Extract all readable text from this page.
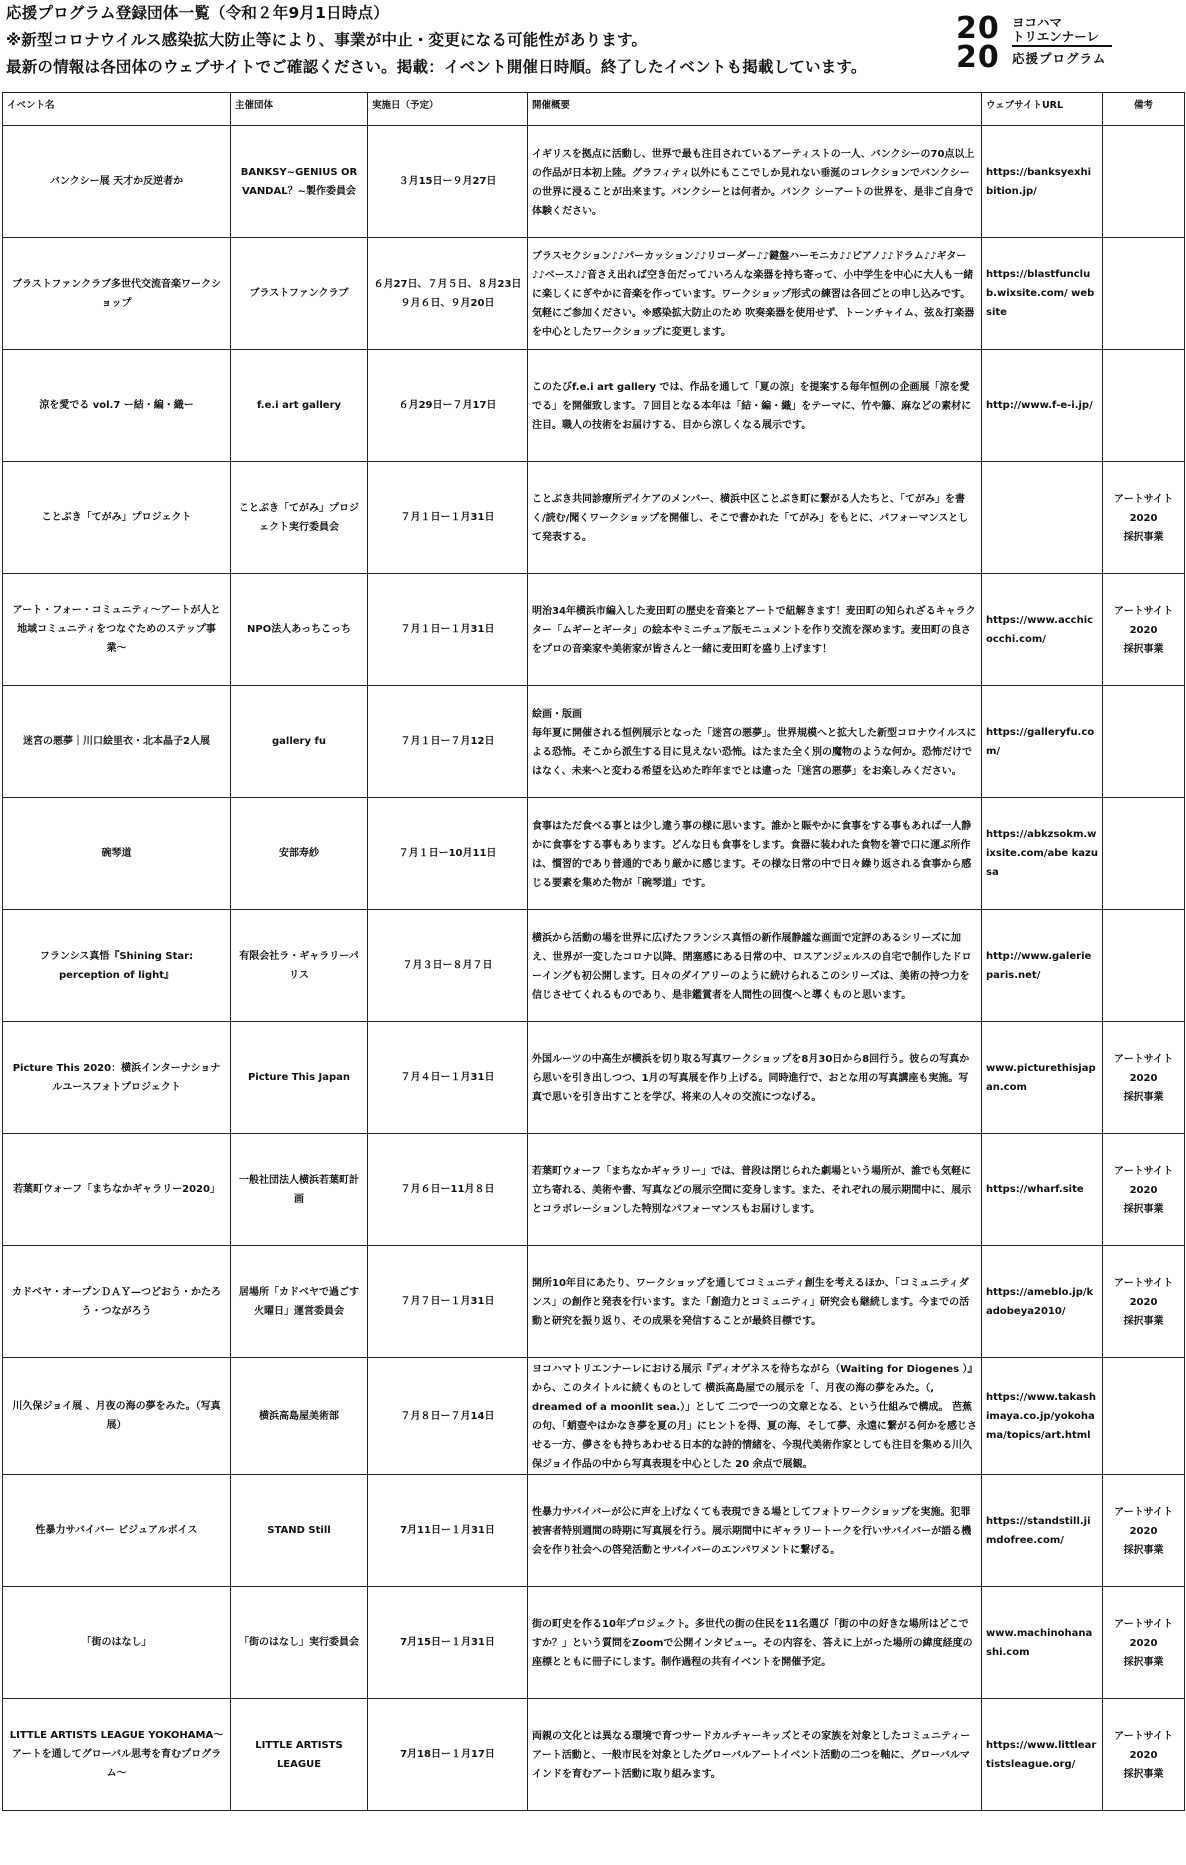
応援プログラム登録団体一覧（令和２年9月1日時点）
※新型コロナウイルス感染拡大防止等により、事業が中止・変更になる可能性があります。
最新の情報は各団体のウェブサイトでご確認ください。掲載：イベント開催日時順。終了したイベントも掲載しています。
20
20
ヨコハマ
トリエンナーレ
応援プログラム
イベント名	主催団体	実施日（予定）	開催概要	ウェブサイトURL	備考
バンクシー展 天才か反逆者か	BANKSY~GENIUS OR VANDAL？~製作委員会	３月15日ー９月27日	イギリスを拠点に活動し、世界で最も注目されているアーティストの一人、バンクシーの70点以上の作品が日本初上陸。グラフィティ以外にもここでしか見れない垂涎のコレクションでバンクシーの世界に浸ることが出来ます。バンクシーとは何者か。バンク シーアートの世界を、是非ご自身で体験ください。	https://banksyexhibition.jp/	
ブラストファンクラブ多世代交流音楽ワークショップ	ブラストファンクラブ	６月27日、７月５日、８月23日 ９月６日、９月20日	ブラスセクション♪♪パーカッション♪♪リコーダー♪♪鍵盤ハーモニカ♪♪ピアノ♪♪ドラム♪♪ギター♪♪ベース♪♪音さえ出れば空き缶だって♪いろんな楽器を持ち寄って、小中学生を中心に大人も一緒に楽しくにぎやかに音楽を作っています。ワークショップ形式の練習は各回ごとの申し込みです。気軽にご参加ください。※感染拡大防止のため 吹奏楽器を使用せず、トーンチャイム、弦＆打楽器を中心としたワークショップに変更します。	https://blastfunclub.wixsite.com/ website	
涼を愛でる vol.7 ー結・編・織ー	f.e.i art gallery	６月29日ー７月17日	このたびf.e.i art gallery では、作品を通して「夏の涼」を提案する毎年恒例の企画展「涼を愛でる」を開催致します。７回目となる本年は「結・編・織」をテーマに、竹や籐、麻などの素材に注目。職人の技術をお届けする、目から涼しくなる展示です。	http://www.f-e-i.jp/	
ことぶき「てがみ」プロジェクト	ことぶき「てがみ」プロジェクト実行委員会	７月１日ー１月31日	ことぶき共同診療所デイケアのメンバー、横浜中区ことぶき町に繋がる人たちと、「てがみ」を書く/読む/聞くワークショップを開催し、そこで書かれた「てがみ」をもとに、パフォーマンスとして発表する。		アートサイト
2020
採択事業
アート・フォー・コミュニティ〜アートが人と地域コミュニティをつなぐためのステップ事業〜	NPO法人あっちこっち	７月１日ー１月31日	明治34年横浜市編入した麦田町の歴史を音楽とアートで紐解きます！麦田町の知られざるキャラクター「ムギーとギータ」の絵本やミニチュア版モニュメントを作り交流を深めます。麦田町の良さをプロの音楽家や美術家が皆さんと一緒に麦田町を盛り上げます！	https://www.acchicocchi.com/	アートサイト
2020
採択事業
迷宮の悪夢｜川口絵里衣・北本晶子2人展	gallery fu	７月１日ー７月12日	絵画・版画
毎年夏に開催される恒例展示となった「迷宮の悪夢」。世界規模へと拡大した新型コロナウイルスによる恐怖。そこから派生する目に見えない恐怖。はたまた全く別の魔物のような何か。恐怖だけではなく、未来へと変わる希望を込めた昨年までとは違った「迷宮の悪夢」をお楽しみください。	https://galleryfu.com/	
碗琴道	安部寿紗	７月１日ー10月11日	食事はただ食べる事とは少し違う事の様に思います。誰かと賑やかに食事をする事もあれば一人静かに食事をする事もあります。どんな日も食事をします。食器に装われた食物を箸で口に運ぶ所作は、慣習的であり普通的であり厳かに感じます。その様な日常の中で日々繰り返される食事から感じる要素を集めた物が「碗琴道」です。	https://abkzsokm.wixsite.com/abe kazusa	
フランシス真悟『Shining Star: perception of light』	有限会社ラ・ギャラリーパリス	７月３日ー８月７日	横浜から活動の場を世界に広げたフランシス真悟の新作展静謐な画面で定評のあるシリーズに加え、世界が一変したコロナ以降、閉塞感にある日常の中、ロスアンジェルスの自宅で制作したドローイングも初公開します。日々のダイアリーのように続けられるこのシリーズは、美術の持つ力を信じさせてくれるものであり、是非鑑賞者を人間性の回復へと導くものと思います。	http://www.galerieparis.net/	
Picture This 2020：横浜インターナショナルユースフォトプロジェクト	Picture This Japan	７月４日ー１月31日	外国ルーツの中高生が横浜を切り取る写真ワークショップを8月30日から8回行う。彼らの写真から思いを引き出しつつ、1月の写真展を作り上げる。同時進行で、おとな用の写真講座も実施。写真で思いを引き出すことを学び、将来の人々の交流につなげる。	www.picturethisjapan.com	アートサイト
2020
採択事業
若葉町ウォーフ「まちなかギャラリー2020」	一般社団法人横浜若葉町計画	７月６日ー11月８日	若葉町ウォーフ「まちなかギャラリー」では、普段は閉じられた劇場という場所が、誰でも気軽に立ち寄れる、美術や書、写真などの展示空間に変身します。また、それぞれの展示期間中に、展示とコラボレーションした特別なパフォーマンスもお届けします。	https://wharf.site	アートサイト
2020
採択事業
カドベヤ・オープンＤＡＹ—つどおう・かたろう・つながろう	居場所「カドベヤで過ごす火曜日」運営委員会	７月７日ー１月31日	開所10年目にあたり、ワークショップを通してコミュニティ創生を考えるほか、「コミュニティダンス」の創作と発表を行います。また「創造力とコミュニティ」研究会も継続します。今までの活動と研究を振り返り、その成果を発信することが最終目標です。	https://ameblo.jp/kadobeya2010/	アートサイト
2020
採択事業
川久保ジョイ展 、月夜の海の夢をみた。（写真展）	横浜高島屋美術部	７月８日ー７月14日	ヨコハマトリエンナーレにおける展示『ディオゲネスを待ちながら（Waiting for Diogenes ）』から、このタイトルに続くものとして 横浜高島屋での展示を「、月夜の海の夢をみた。（, dreamed of a moonlit sea.）」として 二つで一つの文章となる、という仕組みで構成。 芭蕉の句、「蛸壺やはかなき夢を夏の月」にヒントを得、夏の海、そして夢、永遠に繋がる何かを感じさせる一方、儚さをも持ちあわせる日本的な詩的情緒を、今現代美術作家としても注目を集める川久保ジョイ作品の中から写真表現を中心とした 20 余点で展観。	https://www.takashimaya.co.jp/yokohama/topics/art.html	
性暴力サバイバー ビジュアルボイス	STAND Still	7月11日ー１月31日	性暴力サバイバーが公に声を上げなくても表現できる場としてフォトワークショップを実施。犯罪被害者特別週間の時期に写真展を行う。展示期間中にギャラリートークを行いサバイバーが語る機会を作り社会への啓発活動とサバイバーのエンパワメントに繋げる。	https://standstill.jimdofree.com/	アートサイト
2020
採択事業
「街のはなし」	「街のはなし」実行委員会	7月15日ー１月31日	街の町史を作る10年プロジェクト。多世代の街の住民を11名選び「街の中の好きな場所はどこですか？」という質問をZoomで公開インタビュー。その内容を、答えに上がった場所の緯度経度の座標とともに冊子にします。制作過程の共有イベントを開催予定。	www.machinohanashi.com	アートサイト
2020
採択事業
LITTLE ARTISTS LEAGUE YOKOHAMA〜アートを通してグローバル思考を育むプログラム〜	LITTLE ARTISTS LEAGUE	7月18日ー１月17日	両親の文化とは異なる環境で育つサードカルチャーキッズとその家族を対象としたコミュニティーアート活動と、一般市民を対象としたグローバルアートイベント活動の二つを軸に、グローバルマインドを育むアート活動に取り組みます。	https://www.littleartistsleague.org/	アートサイト
2020
採択事業
